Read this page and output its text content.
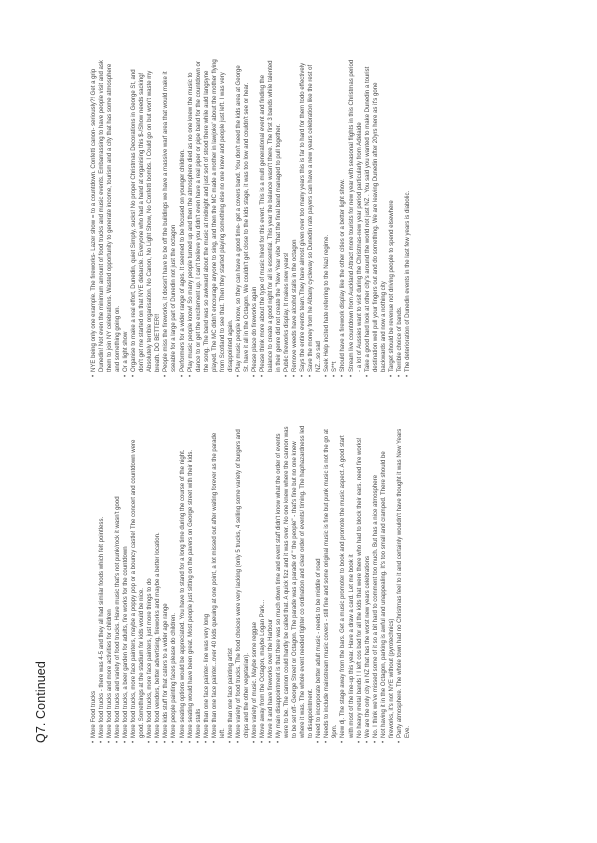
Q7. Continued	• More Food trucks • More food trucks - there was 4-5 and they all had similar foods which felt pointless. • More food trucks and more activities for children • More food trucks and variety of food trucks. Have music that's not punk/rock it wasn't good • More food trucks, a beer garden for adults, fire works for the countdown • More food trucks, more face painters, maybe a poppy pop or a bouncy castle! The concert and countdown were good. Somethings at the stadium for kids would be nice. • More food trucks, more face painters, just more things to do • More food vendors, better advertising, fireworks and maybe a better location. • More kids stuff for that caters to a wider age range • More people painting faces please do children. • More seating options would be appreciated. You have to stand for a long time during the course of the night. • More seating would have been great. Most people just sitting on the pavers on George street with their kids. • More stalls • More than one face painter- line was very long • More than one face painter...over 40 kids queuing at one point, a lot missed out after waiting forever as the parade left. • More than one face painting artist • More variety of food trucks. The food choices were very lacking (only 5 trucks, 4 selling some variety of burgers and chips and the other vegetarian). • More variety of music. Maybe some reggae • Move away from the Octagon, maybe Logan Park... • Move it and have fireworks over the Harbour • My main disappointment is that there was so much down time and event staff didn't know what the order of events were to be. The cannon could hardly be called that. A quick fizz and it was over. No one knew where the cannon was to be set off- George Street or Octagon. The parade was a parade of " the people" - that's fine but no one knew where it was. The whole event needed tighter co ordination and clear order of events/ timing. The haphazardness led to disappointment. • Need to incorporate better adult music - needs to be middle of road • Needs to include mainstream music covers - still fine and some original music is fine but punk music is not the go at 9pm. • New dj. The stage away from the bars. Get a music promoter to book and promote the music aspect. A good start with most of the line-up this year. Have a draw a card. Let me book it • No heavy metal bands ! I left cos bad for all the kids that were there who had to block their ears. need fire works! • We are the only city in NZ that has the worst new years celebrations • No. I think we've missed some of it so a bit hard to comment too much. But has a nice atmosphere • Not having it in the Octagon, parking is awful and unappealing. It's too small and cramped. There should be fireworks, it's not NYE without (pyrotechnics) • Party atmosphere. The whole town had no Christmas feel to it and certainly wouldn't have thought it was New Years Eve.
• NYE being only one example. The fireworks- Lazer show = to a countdown. Confetti canon- seriously?! Get a grip Dunedin! Not even the minimum amount of food trucks and music events. Embarrassing to have people visit and ask them to join NY celebrations. Wasted opportunity to generate income, tourism and a city that has some atmosphere and something going on. • Or a light show • Organise to make a real effort, Dunedin, quiet Simply, sucks! No proper Christmas Decorations in George St, and don't get me started on that NYE debarcle. Everyone who had a hand at organising this $-/Show needs sacking! Absolutely terrible organisation. No Canon, No Light Show, No Confetti bombs. I Could go on but won't waste my breath. DO BETTER!! • People miss the fireworks, it doesn't have to be off the buildings we have a massive warf area that would make it sseable for a large part of Dunedin not just the octagon • Performers for a wider range of ages. It seemed to be focused on younger children. • Play music people know! So many people turned up and then the atmosphere died as no one knew the music to dance to or get the excitement up. I can't believe you didn't even have a real piper or pipe band for the countdown or the song. The band was so awkward about the music at midnight and just sort of stood there while auld langsyne played. The MC didn't encourage anyone to sing, and then the MC made a mother in lawjoke' about the mother flying from Scotland to see that. Then they started playing something else no one knew and people just left. I was very disappointed again. • Play music people know, so they can have a good time- get a covers band. You don't need the kids area at George St. have it all in the Octagon. We couldn't get close to the kids stage, it was too low and couldn't see or hear. • Please place do fireworks again • Please think more about the type of music hired for this event. This is a multi generational event and finding the balance to create a good night for all is essential. This year the balance wasn't there. The first 3 bands while talented in their genre did not create the "New Year vibe "that the final band managed to pull together. • Public fireworks display. It makes new years! • Remove weeds have alcohol stalls in the octagon • Says the entire events team.They have almost given over too many years this is far to hard for them todo effectively • Save the money from he Albany cycleway so Dunedin rate payers can have a new years celebration like the rest of NZ...so sad • Seek Help incited hate referring to the Nazi regime. • S**t • Should have a firework display like the other cities or a better light show. • Stream live countdown from Auckland Attract more tourists for new year with seasonal flights in this Christmas period - a lot of Aussies want to visit during the Christmas-new year period particularly from Adelaide • Take a good hard look at other city's around the world not just NZ . You said you wanted to make Dunedin a tourist destination well pull your fingers out and do something. We are leaving Dunedin after 20yrs here as it's gone backwards and now a nothing city • Target should be revenue not driving people to spend elsewhere • Terrible choice of bands. • The deterioration of Dunedin events in the last few years is diabolic.
